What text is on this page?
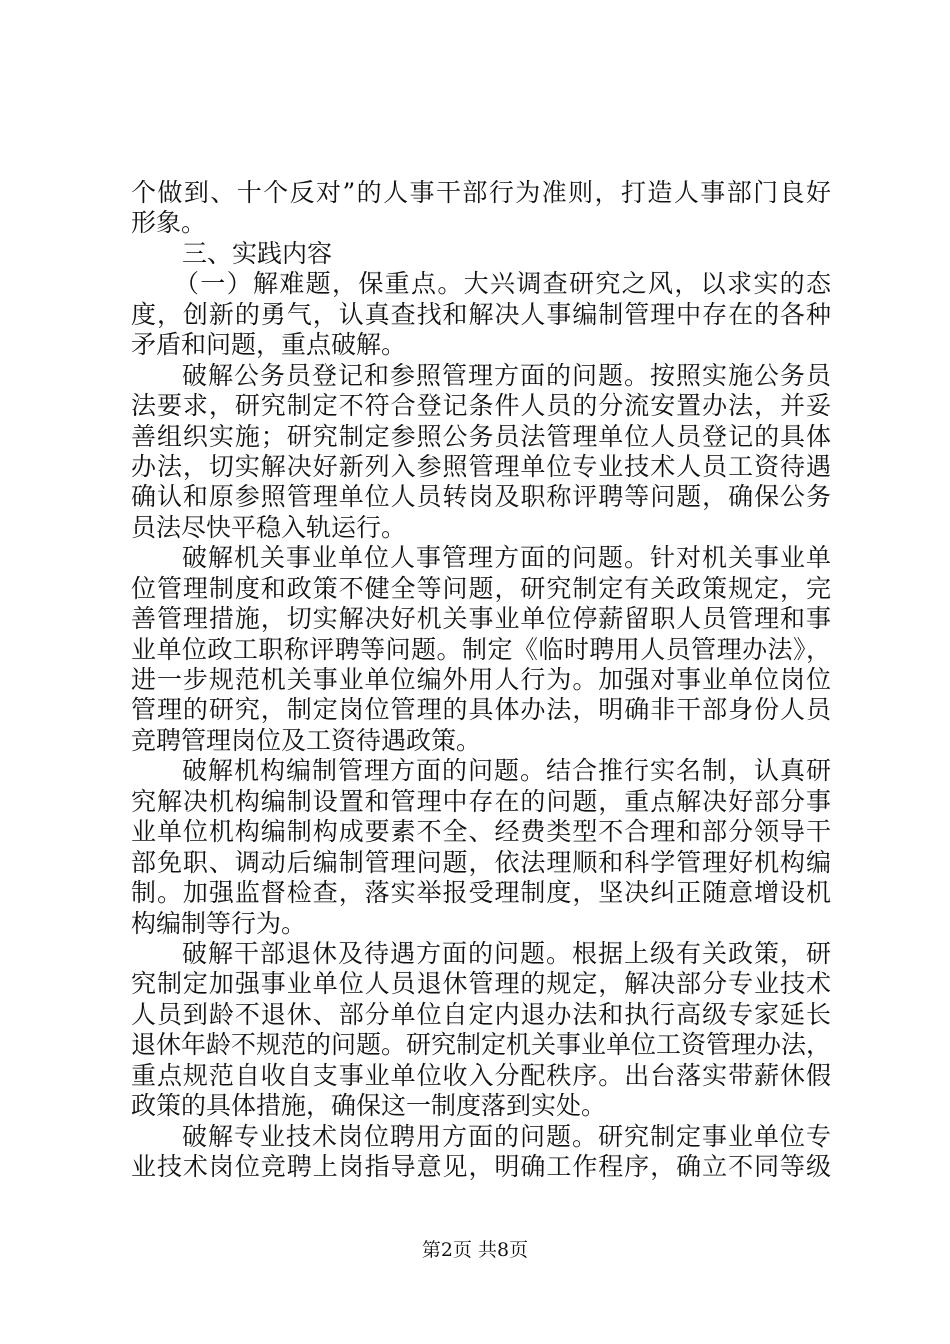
个做到、十个反对”的人事干部行为准则，打造人事部门良好
形象。
三、实践内容
（一）解难题，保重点。大兴调查研究之风，以求实的态
度，创新的勇气，认真查找和解决人事编制管理中存在的各种
矛盾和问题，重点破解。
破解公务员登记和参照管理方面的问题。按照实施公务员
法要求，研究制定不符合登记条件人员的分流安置办法，并妥
善组织实施；研究制定参照公务员法管理单位人员登记的具体
办法，切实解决好新列入参照管理单位专业技术人员工资待遇
确认和原参照管理单位人员转岗及职称评聘等问题，确保公务
员法尽快平稳入轨运行。
破解机关事业单位人事管理方面的问题。针对机关事业单
位管理制度和政策不健全等问题，研究制定有关政策规定，完
善管理措施，切实解决好机关事业单位停薪留职人员管理和事
业单位政工职称评聘等问题。制定《临时聘用人员管理办法》，
进一步规范机关事业单位编外用人行为。加强对事业单位岗位
管理的研究，制定岗位管理的具体办法，明确非干部身份人员
竞聘管理岗位及工资待遇政策。
破解机构编制管理方面的问题。结合推行实名制，认真研
究解决机构编制设置和管理中存在的问题，重点解决好部分事
业单位机构编制构成要素不全、经费类型不合理和部分领导干
部免职、调动后编制管理问题，依法理顺和科学管理好机构编
制。加强监督检查，落实举报受理制度，坚决纠正随意增设机
构编制等行为。
破解干部退休及待遇方面的问题。根据上级有关政策，研
究制定加强事业单位人员退休管理的规定，解决部分专业技术
人员到龄不退休、部分单位自定内退办法和执行高级专家延长
退休年龄不规范的问题。研究制定机关事业单位工资管理办法，
重点规范自收自支事业单位收入分配秩序。出台落实带薪休假
政策的具体措施，确保这一制度落到实处。
破解专业技术岗位聘用方面的问题。研究制定事业单位专
业技术岗位竞聘上岗指导意见，明确工作程序，确立不同等级
第2页 共8页
